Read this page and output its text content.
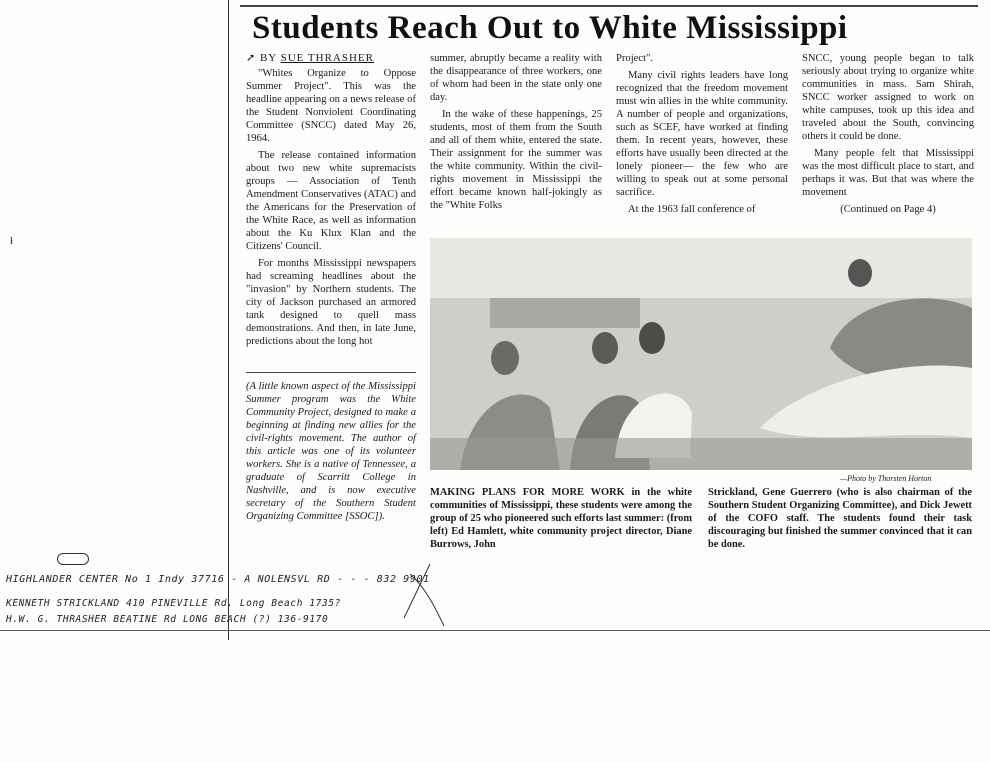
ł
Students Reach Out to White Mississippi
➚ BY SUE THRASHER

"Whites Organize to Oppose Summer Project". This was the headline appearing on a news release of the Student Nonviolent Coordinating Committee (SNCC) dated May 26, 1964.

The release contained information about two new white supremacists groups — Association of Tenth Amendment Conservatives (ATAC) and the Americans for the Preservation of the White Race, as well as information about the Ku Klux Klan and the Citizens' Council.

For months Mississippi newspapers had screaming headlines about the "invasion" by Northern students. The city of Jackson purchased an armored tank designed to quell mass demonstrations. And then, in late June, predictions about the long hot

(A little known aspect of the Mississippi Summer program was the White Community Project, designed to make a beginning at finding new allies for the civil-rights movement. The author of this article was one of its volunteer workers. She is a native of Tennessee, a graduate of Scarritt College in Nashville, and is now executive secretary of the Southern Student Organizing Committee [SSOC]).

summer, abruptly became a reality with the disappearance of three workers, one of whom had been in the state only one day.

In the wake of these happenings, 25 students, most of them from the South and all of them white, entered the state. Their assignment for the summer was the white community. Within the civil-rights movement in Mississippi the effort became known half-jokingly as the "White Folks

Project".

Many civil rights leaders have long recognized that the freedom movement must win allies in the white community. A number of people and organizations, such as SCEF, have worked at finding them. In recent years, however, these efforts have usually been directed at the lonely pioneer— the few who are willing to speak out at some personal sacrifice.

At the 1963 fall conference of

SNCC, young people began to talk seriously about trying to organize white communities in mass. Sam Shirah, SNCC worker assigned to work on white campuses, took up this idea and traveled about the South, convincing others it could be done.

Many people felt that Mississippi was the most difficult place to start, and perhaps it was. But that was where the movement

(Continued on Page 4)

—Photo by Thorsten Horton
MAKING PLANS FOR MORE WORK in the white communities of Mississippi, these students were among the group of 25 who pioneered such efforts last summer: (from left) Ed Hamlett, white community project director, Diane Burrows, John
Strickland, Gene Guerrero (who is also chairman of the Southern Student Organizing Committee), and Dick Jewett of the COFO staff. The students found their task discouraging but finished the summer convinced that it can be done.
HIGHLANDER CENTER No 1 Indy 37716 - A NOLENSVL RD - - - 832 9901
KENNETH STRICKLAND 410 PINEVILLE Rd. Long Beach 1735?
H.W. G. THRASHER BEATINE Rd LONG BEACH (?) 136-9170
